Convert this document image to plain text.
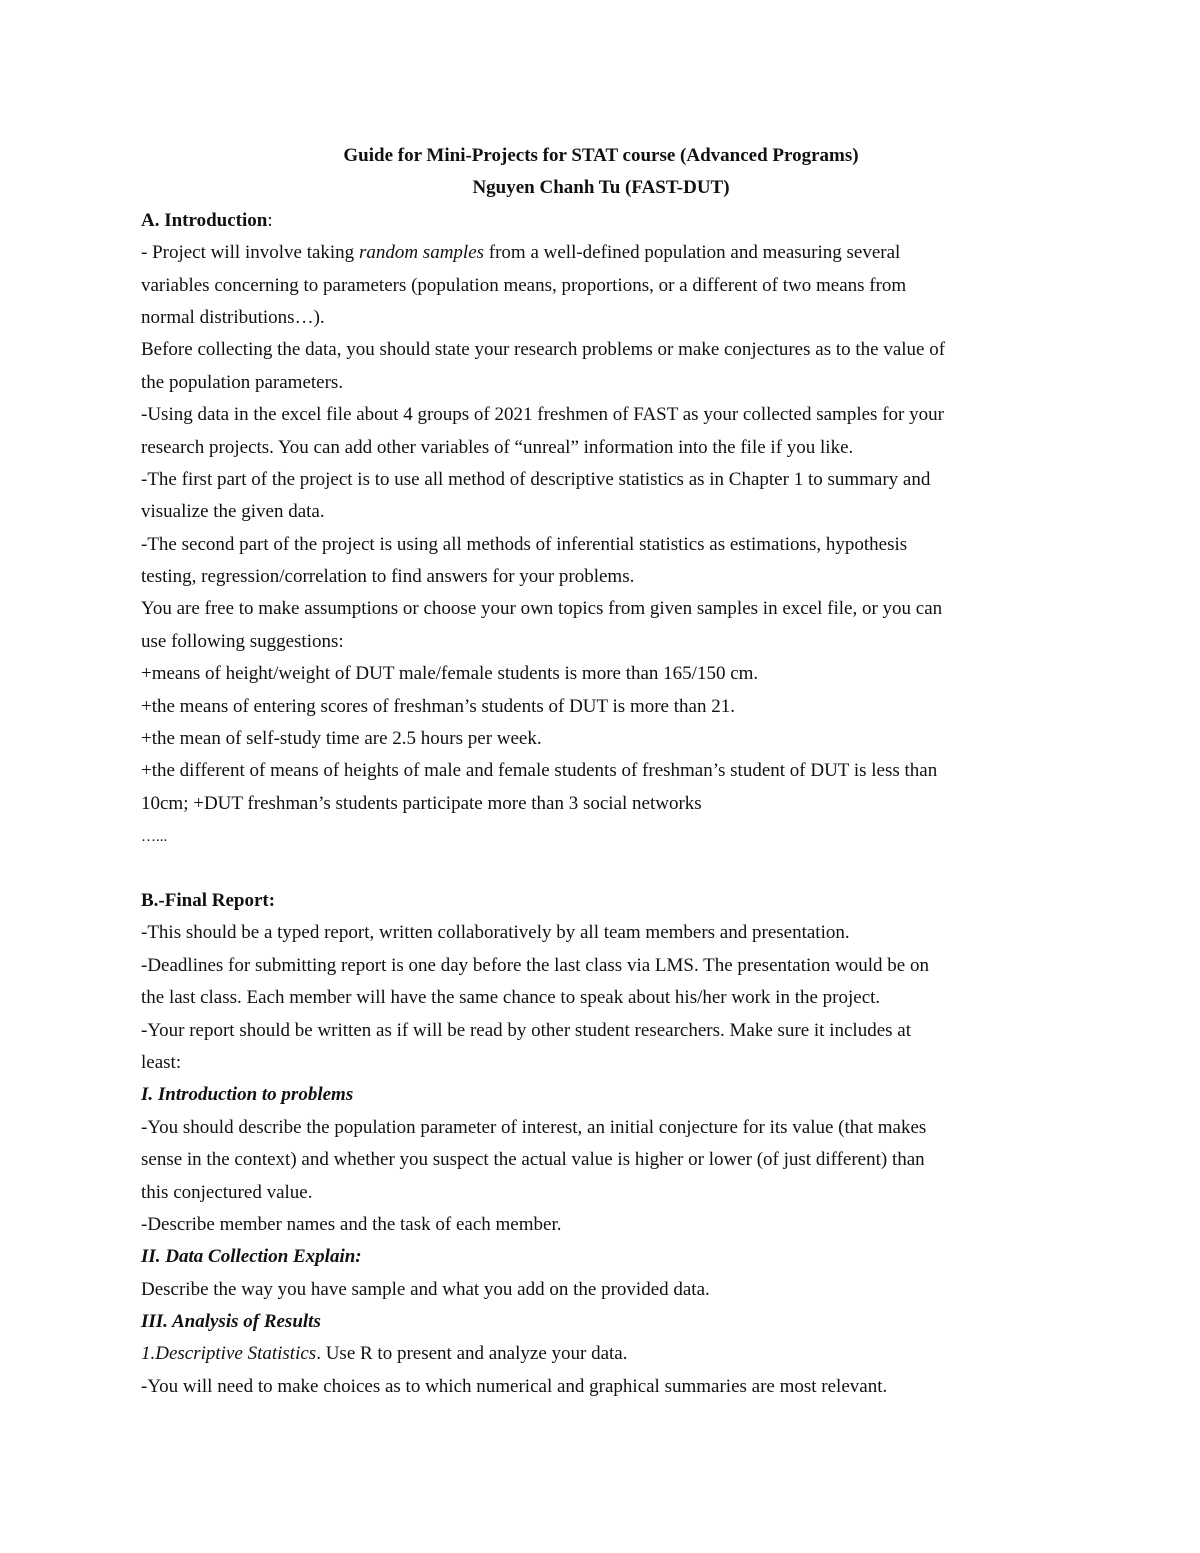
Guide for Mini-Projects for STAT course (Advanced Programs)
Nguyen Chanh Tu (FAST-DUT)
A. Introduction:
- Project will involve taking random samples from a well-defined population and measuring several
variables concerning to parameters (population means, proportions, or a different of two means from
normal distributions…).
Before collecting the data, you should state your research problems or make conjectures as to the value of
the population parameters.
-Using data in the excel file about 4 groups of 2021 freshmen of FAST as your collected samples for your
research projects. You can add other variables of “unreal” information into the file if you like.
-The first part of the project is to use all method of descriptive statistics as in Chapter 1 to summary and
visualize the given data.
-The second part of the project is using all methods of inferential statistics as estimations, hypothesis
testing, regression/correlation to find answers for your problems.
You are free to make assumptions or choose your own topics from given samples in excel file, or you can
use following suggestions:
+means of height/weight of DUT male/female students is more than 165/150 cm.
+the means of entering scores of freshman’s students of DUT is more than 21.
+the mean of self-study time are 2.5 hours per week.
+the different of means of heights of male and female students of freshman’s student of DUT is less than
10cm; +DUT freshman’s students participate more than 3 social networks
…...
B.-Final Report:
-This should be a typed report, written collaboratively by all team members and presentation.
-Deadlines for submitting report is one day before the last class via LMS. The presentation would be on
the last class. Each member will have the same chance to speak about his/her work in the project.
-Your report should be written as if will be read by other student researchers. Make sure it includes at
least:
I. Introduction to problems
-You should describe the population parameter of interest, an initial conjecture for its value (that makes
sense in the context) and whether you suspect the actual value is higher or lower (of just different) than
this conjectured value.
-Describe member names and the task of each member.
II. Data Collection Explain:
Describe the way you have sample and what you add on the provided data.
III. Analysis of Results
1.Descriptive Statistics. Use R to present and analyze your data.
-You will need to make choices as to which numerical and graphical summaries are most relevant.
